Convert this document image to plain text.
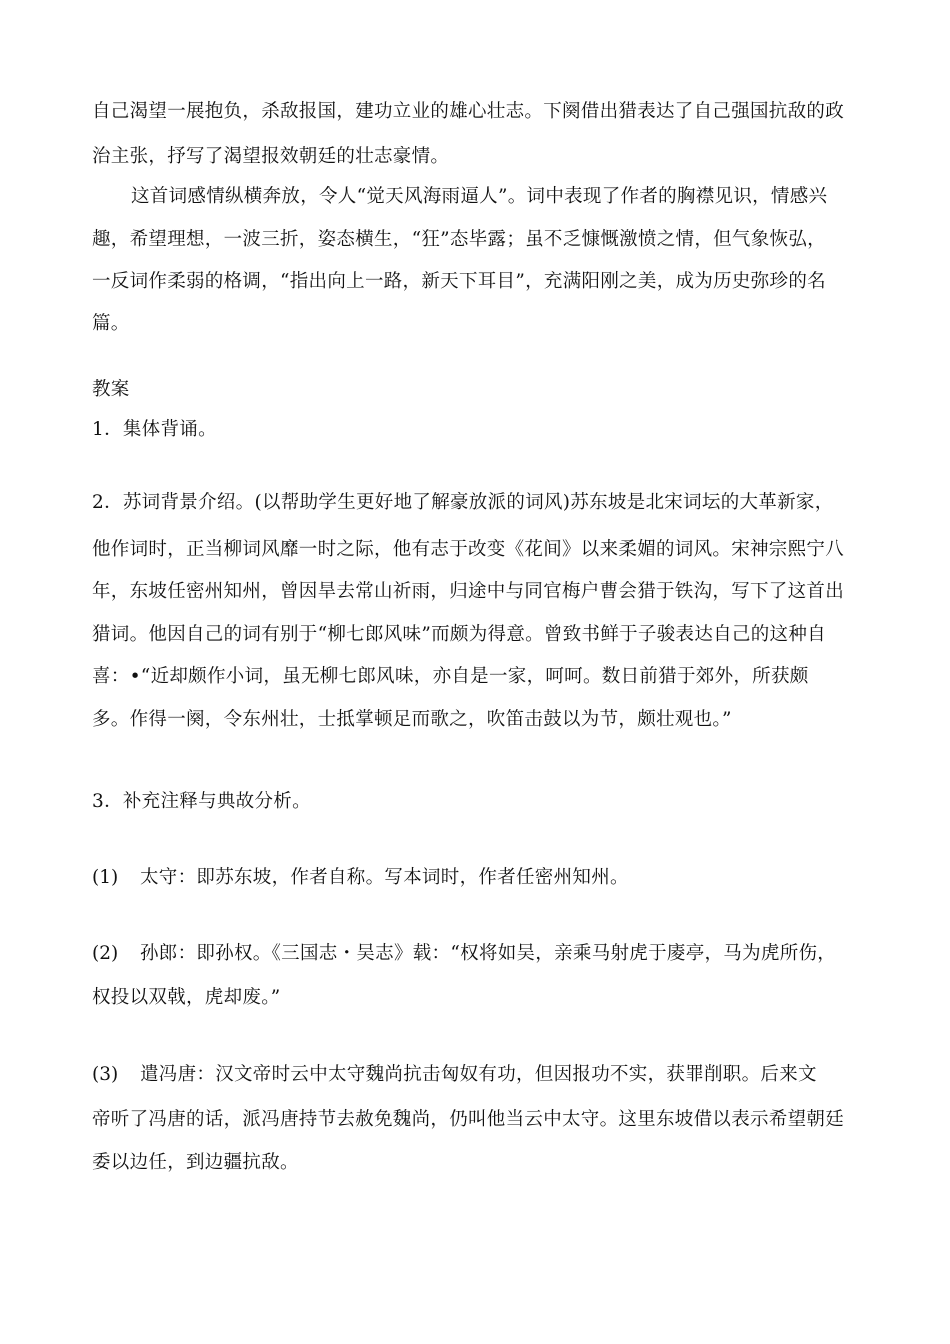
自己渴望一展抱负，杀敌报国，建功立业的雄心壮志。下阕借出猎表达了自己强国抗敌的政
治主张，抒写了渴望报效朝廷的壮志豪情。
这首词感情纵横奔放，令人“觉天风海雨逼人”。词中表现了作者的胸襟见识，情感兴
趣，希望理想，一波三折，姿态横生，“狂”态毕露；虽不乏慷慨激愤之情，但气象恢弘，
一反词作柔弱的格调，“指出向上一路，新天下耳目”，充满阳刚之美，成为历史弥珍的名
篇。
教案
1．集体背诵。
2．苏词背景介绍。(以帮助学生更好地了解豪放派的词风)苏东坡是北宋词坛的大革新家，
他作词时，正当柳词风靡一时之际，他有志于改变《花间》以来柔媚的词风。宋神宗熙宁八
年，东坡任密州知州，曾因旱去常山祈雨，归途中与同官梅户曹会猎于铁沟，写下了这首出
猎词。他因自己的词有别于“柳七郎风味”而颇为得意。曾致书鲜于子骏表达自己的这种自
喜：•“近却颇作小词，虽无柳七郎风味，亦自是一家，呵呵。数日前猎于郊外，所获颇
多。作得一阕，令东州壮，士抵掌顿足而歌之，吹笛击鼓以为节，颇壮观也。”
3．补充注释与典故分析。
(1) 太守：即苏东坡，作者自称。写本词时，作者任密州知州。
(2) 孙郎：即孙权。《三国志・吴志》载：“权将如吴，亲乘马射虎于庱亭，马为虎所伤，
权投以双戟，虎却废。”
(3) 遣冯唐：汉文帝时云中太守魏尚抗击匈奴有功，但因报功不实，获罪削职。后来文
帝听了冯唐的话，派冯唐持节去赦免魏尚，仍叫他当云中太守。这里东坡借以表示希望朝廷
委以边任，到边疆抗敌。
